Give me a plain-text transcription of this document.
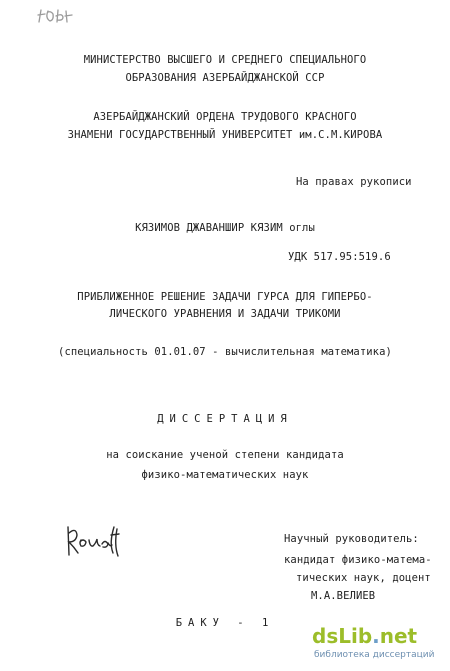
МИНИСТЕРСТВО ВЫСШЕГО И СРЕДНЕГО СПЕЦИАЛЬНОГО
ОБРАЗОВАНИЯ АЗЕРБАЙДЖАНСКОЙ ССР
АЗЕРБАЙДЖАНСКИЙ ОРДЕНА ТРУДОВОГО КРАСНОГО
ЗНАМЕНИ ГОСУДАРСТВЕННЫЙ УНИВЕРСИТЕТ им.С.М.КИРОВА
На правах рукописи
КЯЗИМОВ ДЖАВАНШИР КЯЗИМ оглы
УДК 517.95:519.6
ПРИБЛИЖЕННОЕ РЕШЕНИЕ ЗАДАЧИ ГУРСА ДЛЯ ГИПЕРБО-
ЛИЧЕСКОГО УРАВНЕНИЯ И ЗАДАЧИ ТРИКОМИ
(специальность 01.01.07 - вычислительная математика)
ДИССЕРТАЦИЯ
на соискание ученой степени кандидата
физико-математических наук
Научный руководитель:
кандидат физико-матема-
тических наук, доцент
М.А.ВЕЛИЕВ
БАКУ - 1
dsLib.net
библиотека диссертаций
